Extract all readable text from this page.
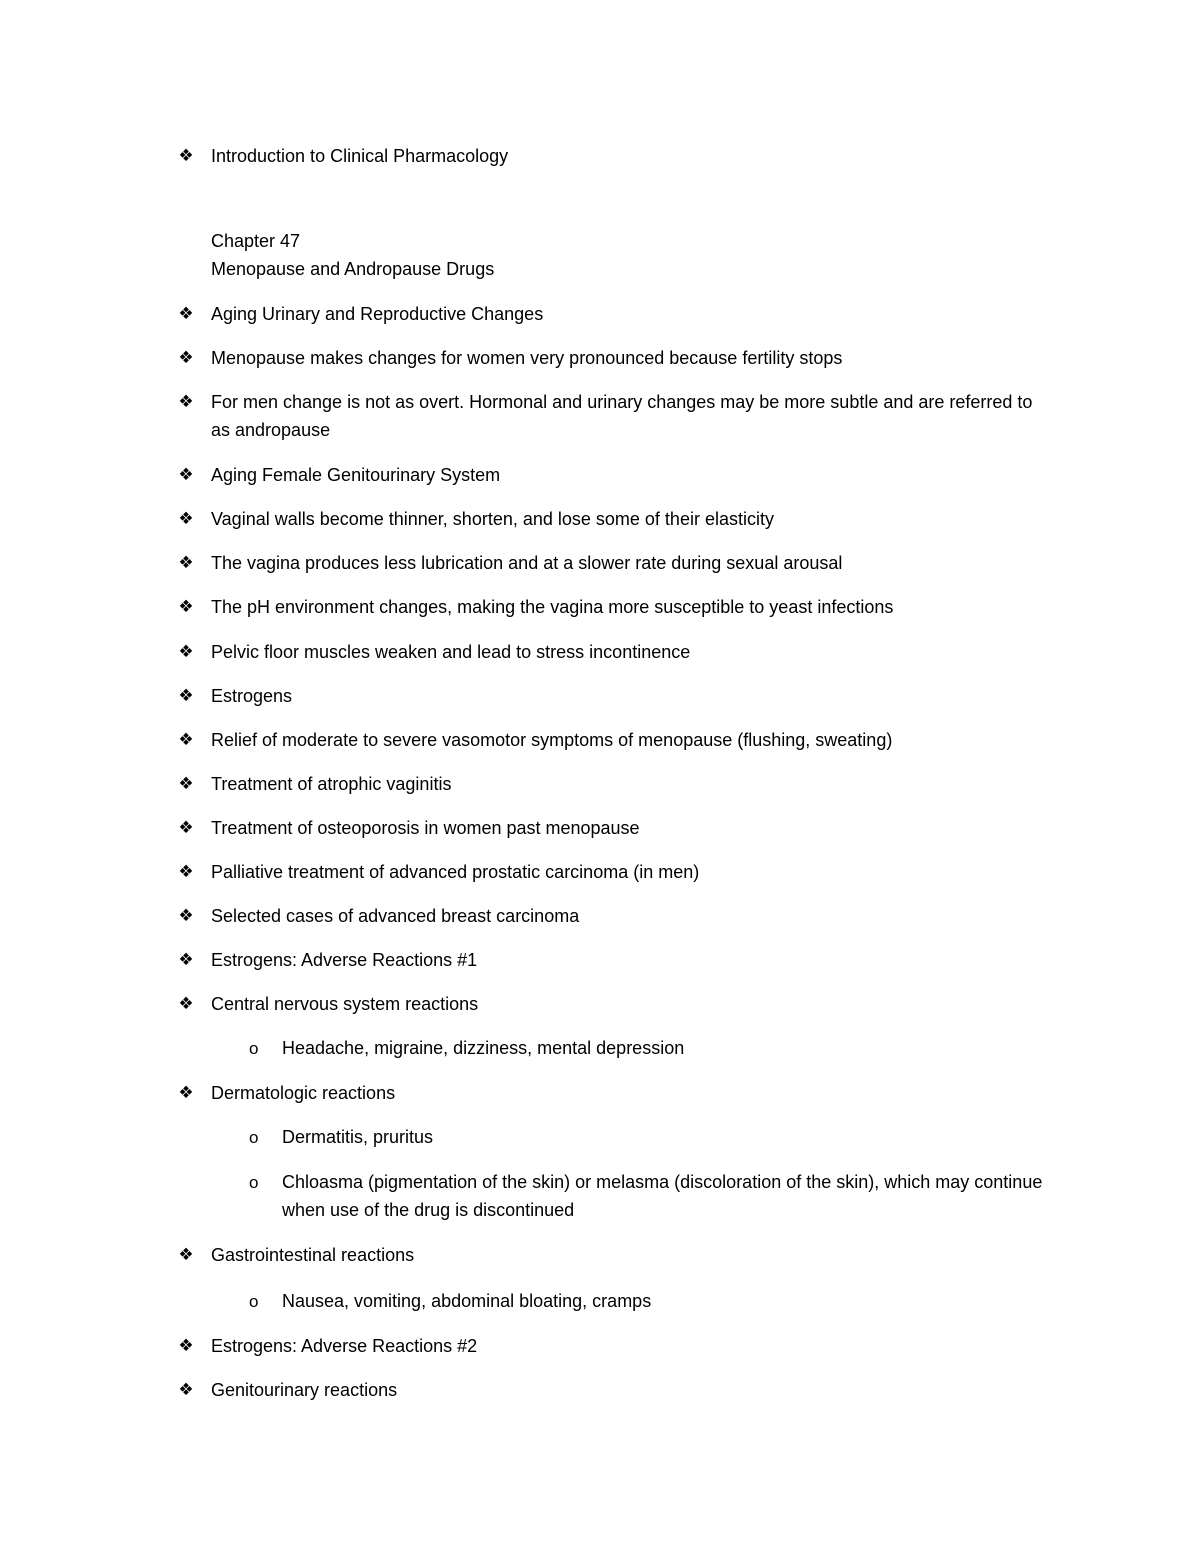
❖ Introduction to Clinical Pharmacology
Chapter 47
Menopause and Andropause Drugs
❖ Aging Urinary and Reproductive Changes
❖ Menopause makes changes for women very pronounced because fertility stops
❖ For men change is not as overt. Hormonal and urinary changes may be more subtle and are referred to as andropause
❖ Aging Female Genitourinary System
❖ Vaginal walls become thinner, shorten, and lose some of their elasticity
❖ The vagina produces less lubrication and at a slower rate during sexual arousal
❖ The pH environment changes, making the vagina more susceptible to yeast infections
❖ Pelvic floor muscles weaken and lead to stress incontinence
❖ Estrogens
❖ Relief of moderate to severe vasomotor symptoms of menopause (flushing, sweating)
❖ Treatment of atrophic vaginitis
❖ Treatment of osteoporosis in women past menopause
❖ Palliative treatment of advanced prostatic carcinoma (in men)
❖ Selected cases of advanced breast carcinoma
❖ Estrogens: Adverse Reactions #1
❖ Central nervous system reactions
o Headache, migraine, dizziness, mental depression
❖ Dermatologic reactions
o Dermatitis, pruritus
o Chloasma (pigmentation of the skin) or melasma (discoloration of the skin), which may continue when use of the drug is discontinued
❖ Gastrointestinal reactions
o Nausea, vomiting, abdominal bloating, cramps
❖ Estrogens: Adverse Reactions #2
❖ Genitourinary reactions
